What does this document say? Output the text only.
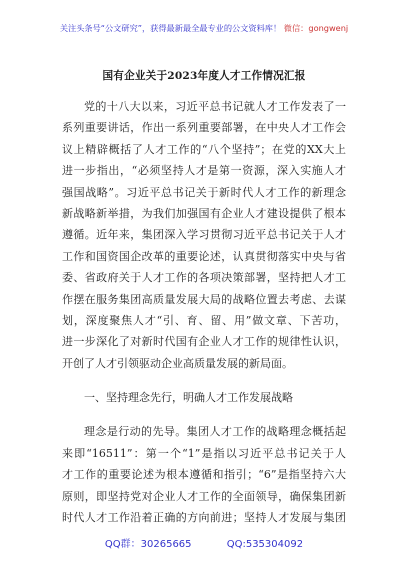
关注头条号“公文研究”，获得最新最全最专业的公文资料库！ 微信：gongwenj
国有企业关于2023年度人才工作情况汇报
党的十八大以来，习近平总书记就人才工作发表了一
系列重要讲话，作出一系列重要部署，在中央人才工作会
议上精辟概括了人才工作的“八个坚持”；在党的XX大上
进一步指出，“必须坚持人才是第一资源，深入实施人才
强国战略”。习近平总书记关于新时代人才工作的新理念
新战略新举措，为我们加强国有企业人才建设提供了根本
遵循。近年来，集团深入学习贯彻习近平总书记关于人才
工作和国资国企改革的重要论述，认真贯彻落实中央与省
委、省政府关于人才工作的各项决策部署，坚持把人才工
作摆在服务集团高质量发展大局的战略位置去考虑、去谋
划，深度聚焦人才“引、育、留、用”做文章、下苦功，
进一步深化了对新时代国有企业人才工作的规律性认识，
开创了人才引领驱动企业高质量发展的新局面。
一、坚持理念先行，明确人才工作发展战略
理念是行动的先导。集团人才工作的战略理念概括起
来即“16511”：第一个“1”是指以习近平总书记关于人
才工作的重要论述为根本遵循和指引；“6”是指坚持六大
原则，即坚持党对企业人才工作的全面领导，确保集团新
时代人才工作沿着正确的方向前进；坚持人才发展与集团
QQ群：30265665	QQ:535304092
